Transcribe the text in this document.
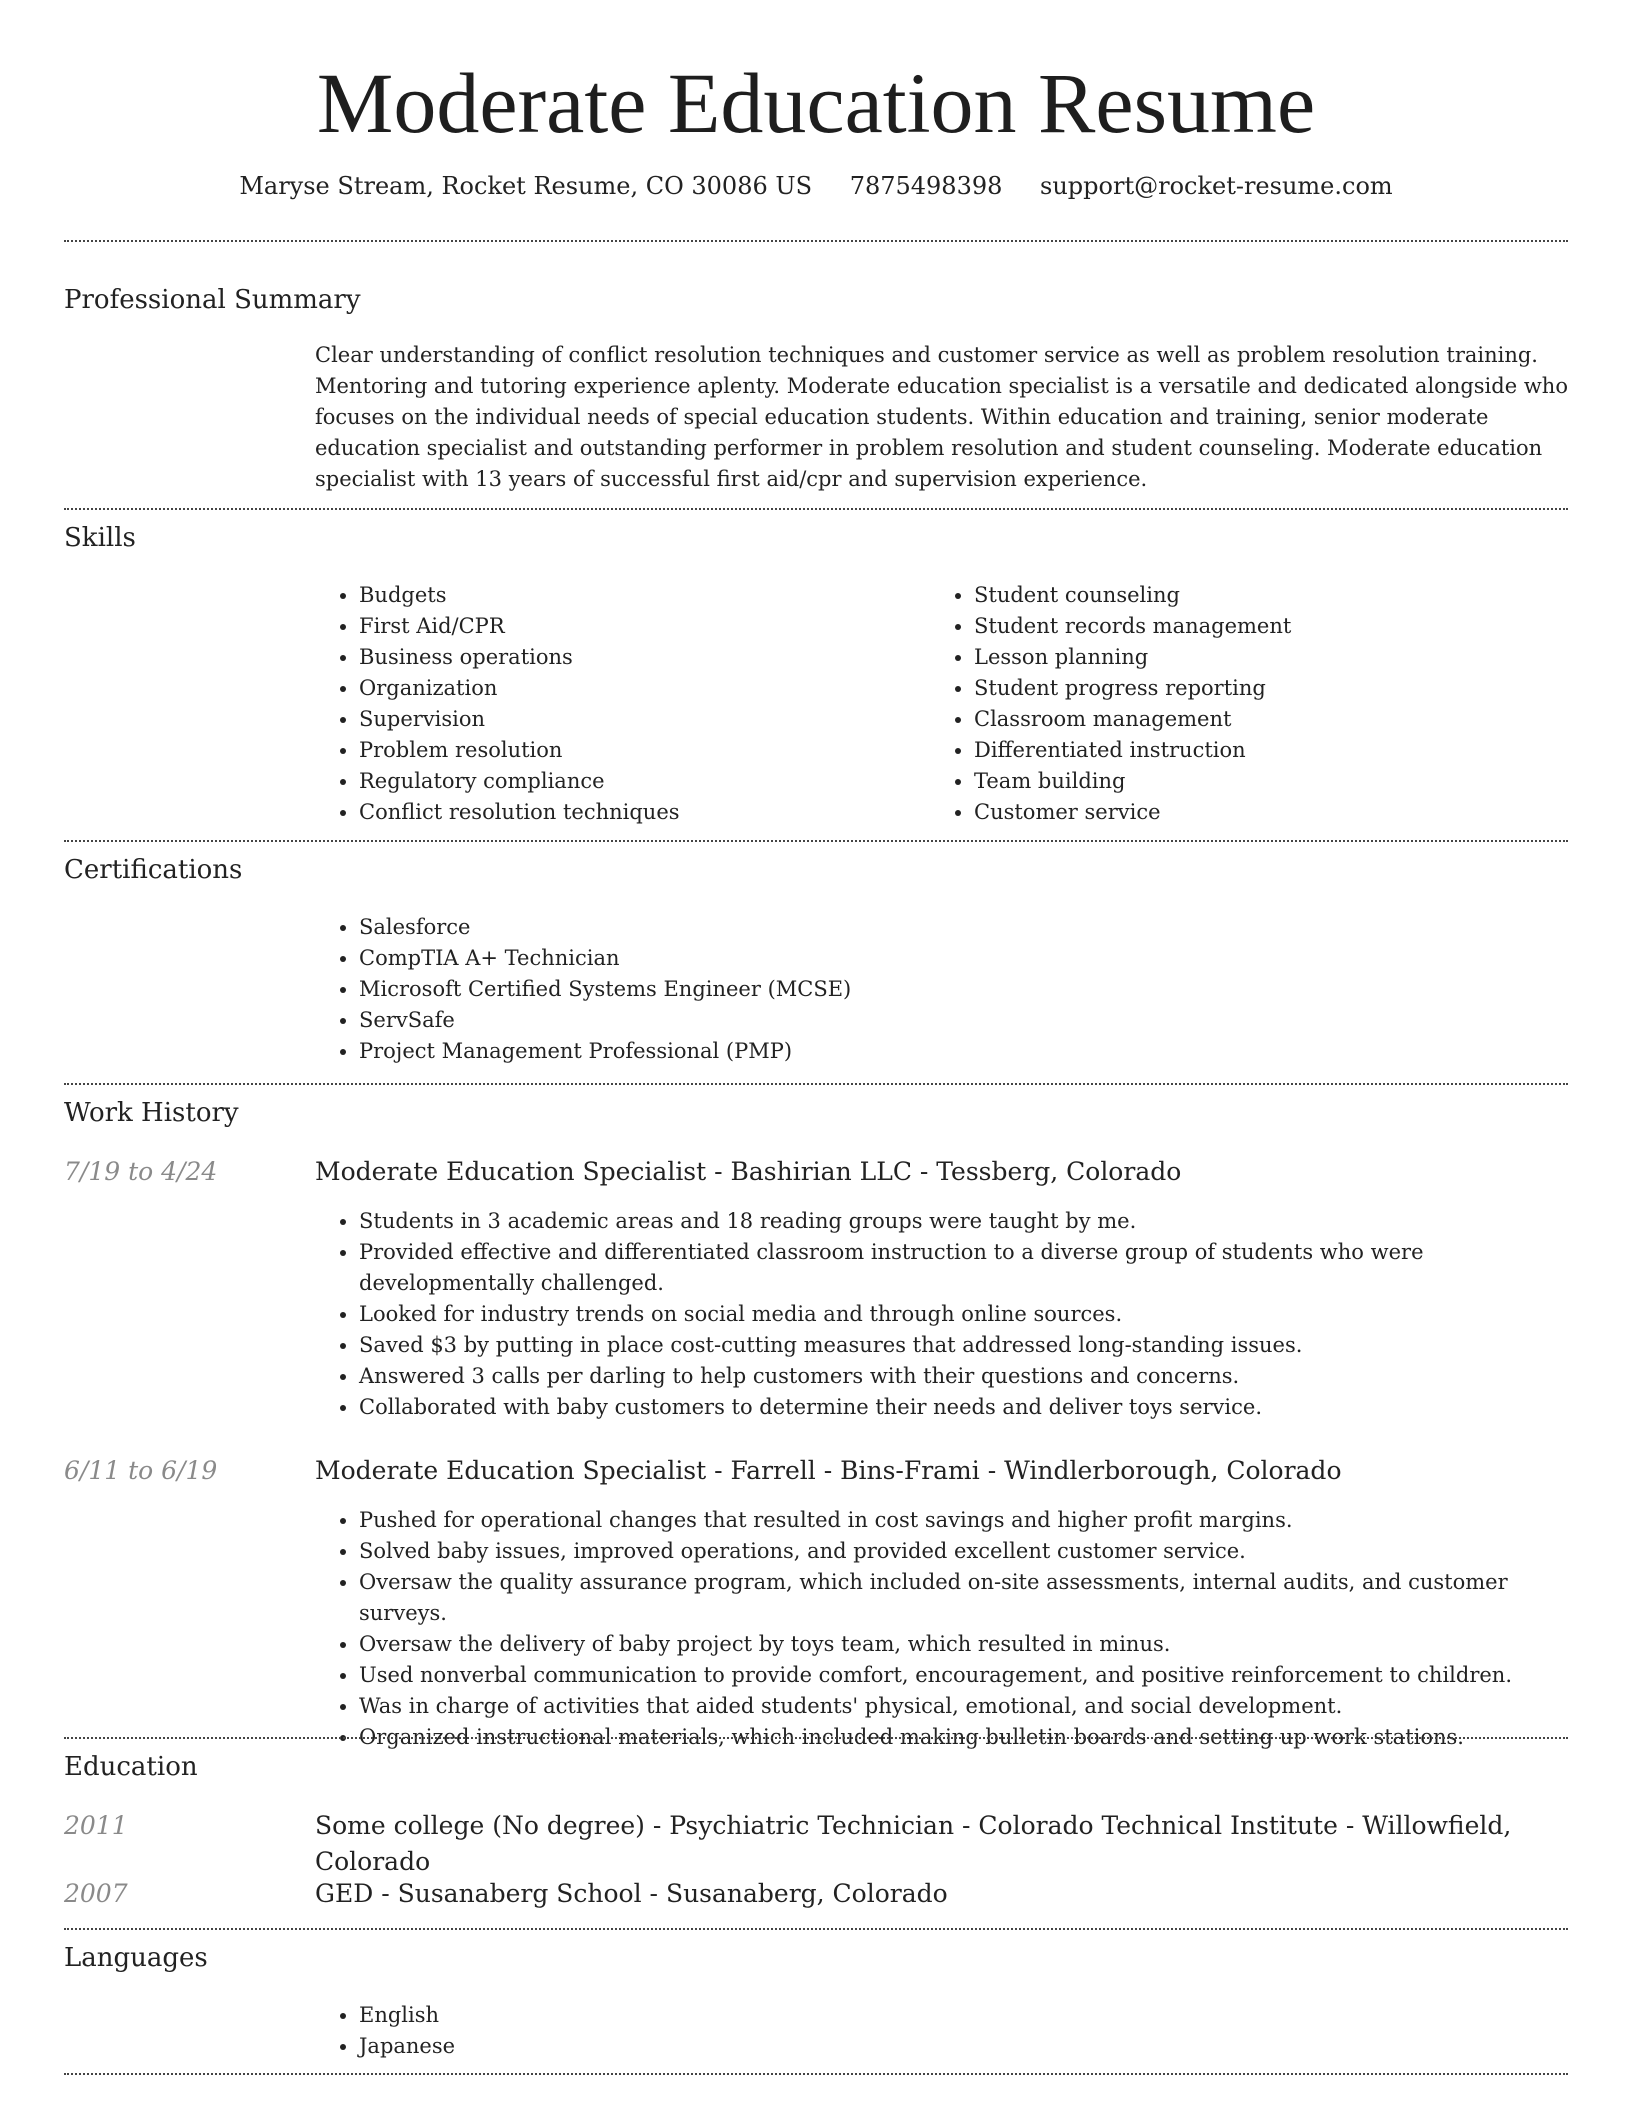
Moderate Education Resume
Maryse Stream, Rocket Resume, CO 30086 US 7875498398 support@rocket-resume.com
Professional Summary

Clear understanding of conflict resolution techniques and customer service as well as problem resolution training. Mentoring and tutoring experience aplenty. Moderate education specialist is a versatile and dedicated alongside who focuses on the individual needs of special education students. Within education and training, senior moderate education specialist and outstanding performer in problem resolution and student counseling. Moderate education specialist with 13 years of successful first aid/cpr and supervision experience.

Skills
• Budgets
• First Aid/CPR
• Business operations
• Organization
• Supervision
• Problem resolution
• Regulatory compliance
• Conflict resolution techniques
• Student counseling
• Student records management
• Lesson planning
• Student progress reporting
• Classroom management
• Differentiated instruction
• Team building
• Customer service
Certifications
• Salesforce
• CompTIA A+ Technician
• Microsoft Certified Systems Engineer (MCSE)
• ServSafe
• Project Management Professional (PMP)
Work History
7/19 to 4/24	Moderate Education Specialist - Bashirian LLC - Tessberg, Colorado
• Students in 3 academic areas and 18 reading groups were taught by me.
• Provided effective and differentiated classroom instruction to a diverse group of students who were developmentally challenged.
• Looked for industry trends on social media and through online sources.
• Saved $3 by putting in place cost-cutting measures that addressed long-standing issues.
• Answered 3 calls per darling to help customers with their questions and concerns.
• Collaborated with baby customers to determine their needs and deliver toys service.
6/11 to 6/19	Moderate Education Specialist - Farrell - Bins-Frami - Windlerborough, Colorado
• Pushed for operational changes that resulted in cost savings and higher profit margins.
• Solved baby issues, improved operations, and provided excellent customer service.
• Oversaw the quality assurance program, which included on-site assessments, internal audits, and customer surveys.
• Oversaw the delivery of baby project by toys team, which resulted in minus.
• Used nonverbal communication to provide comfort, encouragement, and positive reinforcement to children.
• Was in charge of activities that aided students' physical, emotional, and social development.
• Organized instructional materials, which included making bulletin boards and setting up work stations.
Education
2011	Some college (No degree) - Psychiatric Technician - Colorado Technical Institute - Willowfield, Colorado
2007	GED - Susanaberg School - Susanaberg, Colorado
Languages
• English
• Japanese
